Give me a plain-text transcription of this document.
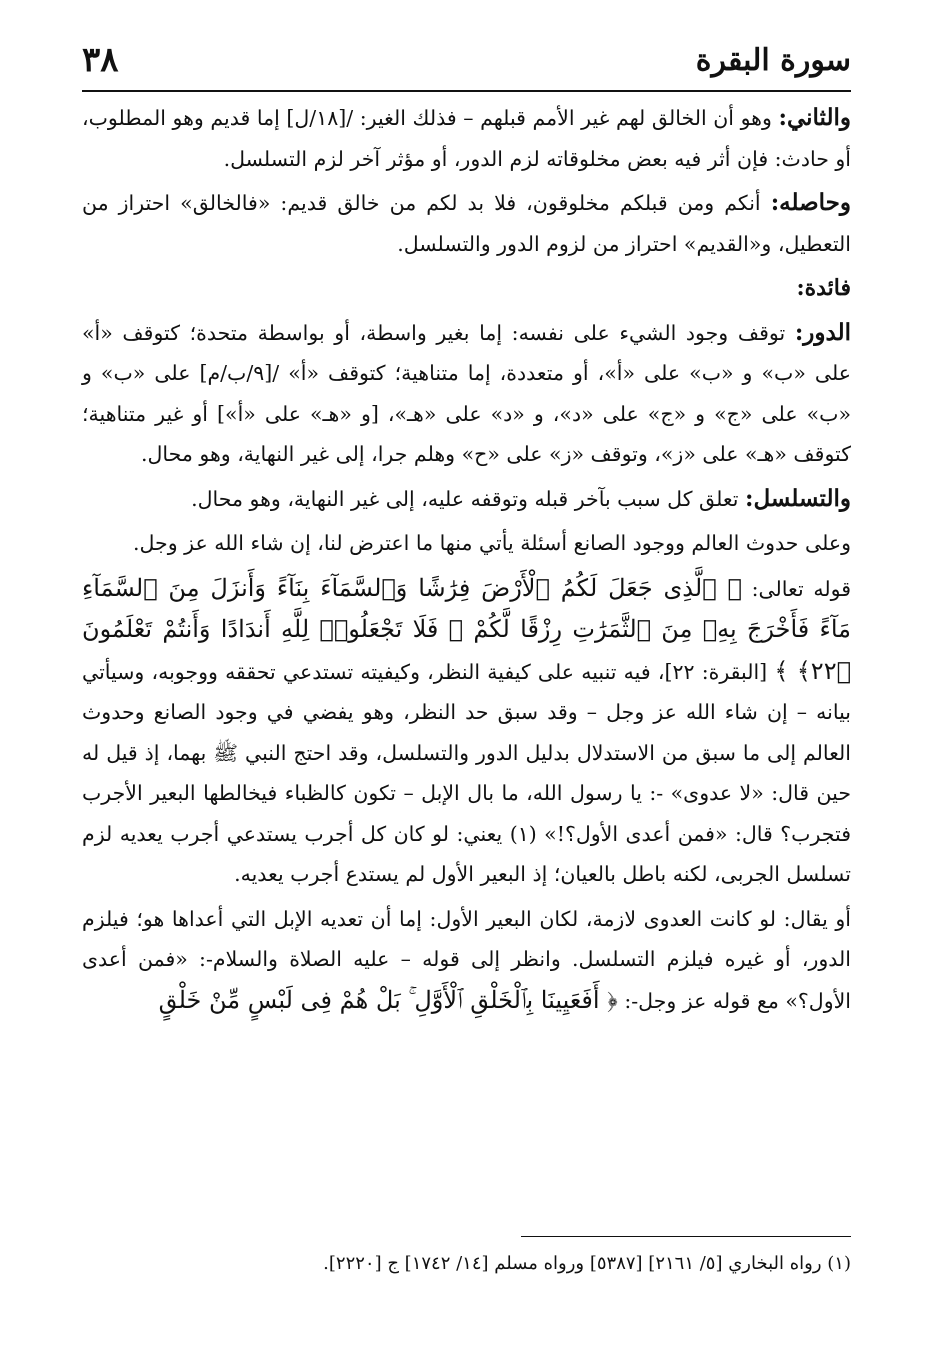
سورة البقرة
٣٨

والثاني: وهو أن الخالق لهم غير الأمم قبلهم – فذلك الغير: /[١٨/ل] إما قديم وهو المطلوب، أو حادث: فإن أثر فيه بعض مخلوقاته لزم الدور، أو مؤثر آخر لزم التسلسل.

وحاصله: أنكم ومن قبلكم مخلوقون، فلا بد لكم من خالق قديم: «فالخالق» احتراز من التعطيل، و«القديم» احتراز من لزوم الدور والتسلسل.

فائدة:

الدور: توقف وجود الشيء على نفسه: إما بغير واسطة، أو بواسطة متحدة؛ كتوقف «أ» على «ب» و «ب» على «أ»، أو متعددة، إما متناهية؛ كتوقف «أ» /[٩/ب/م] على «ب» و «ب» على «ج» و «ج» على «د»، و «د» على «هـ»، [و «هـ» على «أ»] أو غير متناهية؛ كتوقف «هـ» على «ز»، وتوقف «ز» على «ح» وهلم جرا، إلى غير النهاية، وهو محال.

والتسلسل: تعلق كل سبب بآخر قبله وتوقفه عليه، إلى غير النهاية، وهو محال.

وعلى حدوث العالم ووجود الصانع أسئلة يأتي منها ما اعترض لنا، إن شاء الله عز وجل.

قوله تعالى: ﴿ ٱلَّذِى جَعَلَ لَكُمُ ٱلْأَرْضَ فِرَٰشًا وَٱلسَّمَآءَ بِنَآءً وَأَنزَلَ مِنَ ٱلسَّمَآءِ مَآءً فَأَخْرَجَ بِهِۦ مِنَ ٱلثَّمَرَٰتِ رِزْقًا لَّكُمْ ۖ فَلَا تَجْعَلُوا۟ لِلَّهِ أَندَادًا وَأَنتُمْ تَعْلَمُونَ ﴿٢٢﴾ ﴾ [البقرة: ٢٢]، فيه تنبيه على كيفية النظر، وكيفيته تستدعي تحققه ووجوبه، وسيأتي بيانه – إن شاء الله عز وجل – وقد سبق حد النظر، وهو يفضي في وجود الصانع وحدوث العالم إلى ما سبق من الاستدلال بدليل الدور والتسلسل، وقد احتج النبي ﷺ بهما، إذ قيل له حين قال: «لا عدوى» -: يا رسول الله، ما بال الإبل – تكون كالظباء فيخالطها البعير الأجرب فتجرب؟ قال: «فمن أعدى الأول؟!» (١) يعني: لو كان كل أجرب يستدعي أجرب يعديه لزم تسلسل الجربى، لكنه باطل بالعيان؛ إذ البعير الأول لم يستدع أجرب يعديه.

أو يقال: لو كانت العدوى لازمة، لكان البعير الأول: إما أن تعديه الإبل التي أعداها هو؛ فيلزم الدور، أو غيره فيلزم التسلسل. وانظر إلى قوله – عليه الصلاة والسلام-: «فمن أعدى الأول؟» مع قوله عز وجل-: ﴿ أَفَعَيِينَا بِٱلْخَلْقِ ٱلْأَوَّلِ ۚ بَلْ هُمْ فِى لَبْسٍ مِّنْ خَلْقٍ

(١) رواه البخاري [٥/ ٢١٦١] [٥٣٨٧] ورواه مسلم [١٤/ ١٧٤٢] ج [٢٢٢٠].
